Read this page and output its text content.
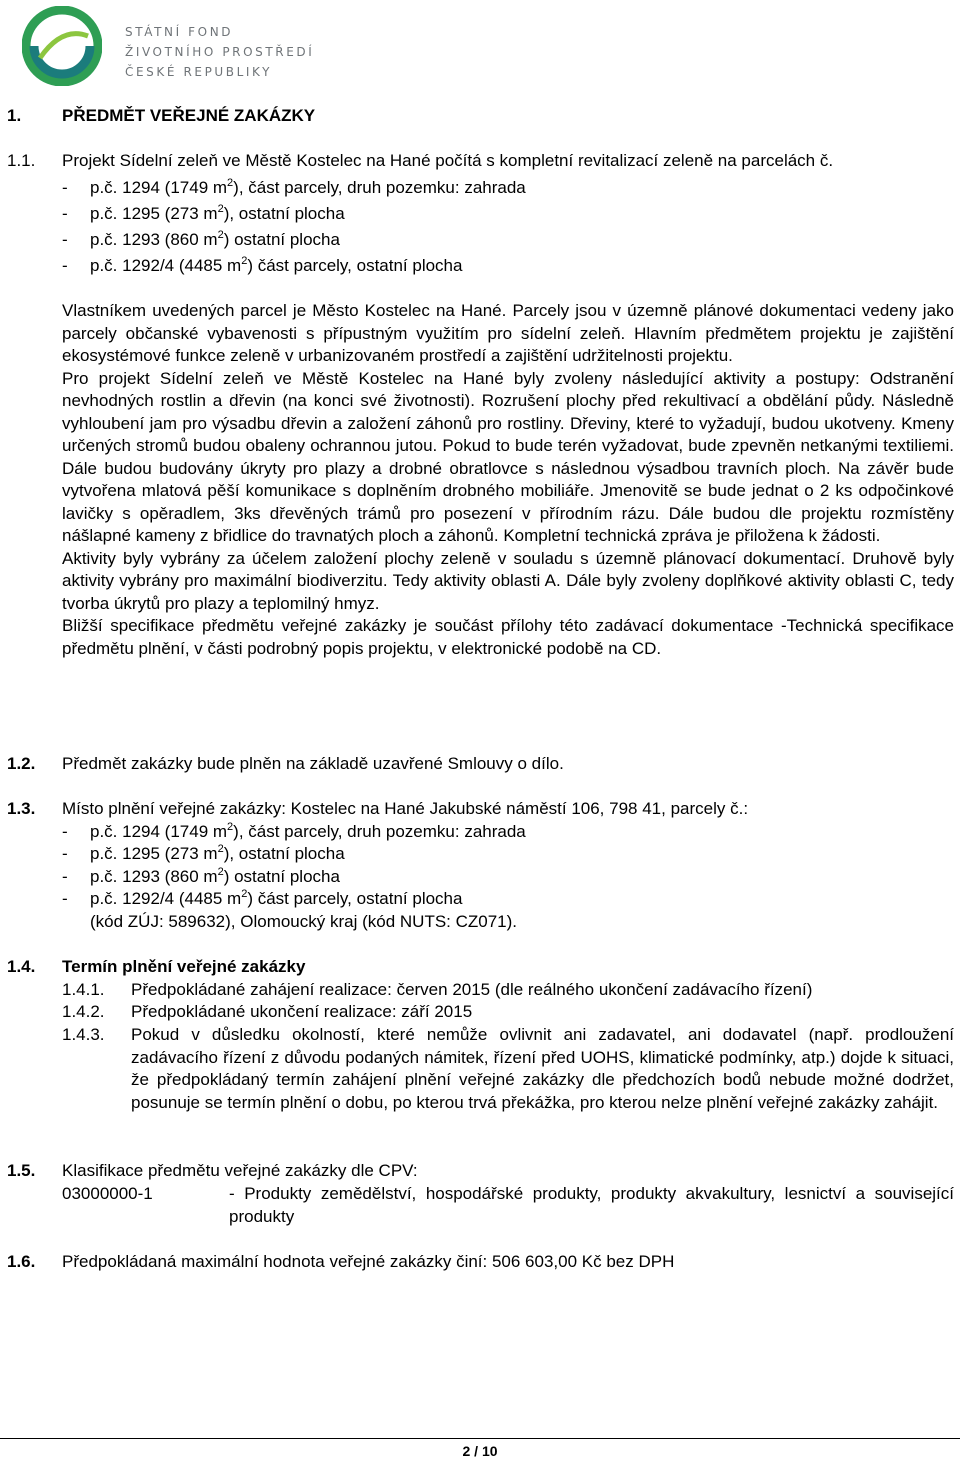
STÁTNÍ FOND
ŽIVOTNÍHO PROSTŘEDÍ
ČESKÉ REPUBLIKY
1. PŘEDMĚT VEŘEJNÉ ZAKÁZKY
1.1. Projekt Sídelní zeleň ve Městě Kostelec na Hané počítá s kompletní revitalizací zeleně na parcelách č.
- p.č. 1294 (1749 $m^2$), část parcely, druh pozemku: zahrada
- p.č. 1295 (273 $m^2$), ostatní plocha
- p.č. 1293 (860 $m^2$) ostatní plocha
- p.č. 1292/4 (4485 $m^2$) část parcely, ostatní plocha

Vlastníkem uvedených parcel je Město Kostelec na Hané. Parcely jsou v územně plánové dokumentaci vedeny jako parcely občanské vybavenosti s přípustným využitím pro sídelní zeleň. Hlavním předmětem projektu je zajištění ekosystémové funkce zeleně v urbanizovaném prostředí a zajištění udržitelnosti projektu.

Pro projekt Sídelní zeleň ve Městě Kostelec na Hané byly zvoleny následující aktivity a postupy: Odstranění nevhodných rostlin a dřevin (na konci své životnosti). Rozrušení plochy před rekultivací a obdělání půdy. Následně vyhloubení jam pro výsadbu dřevin a založení záhonů pro rostliny. Dřeviny, které to vyžadují, budou ukotveny. Kmeny určených stromů budou obaleny ochrannou jutou. Pokud to bude terén vyžadovat, bude zpevněn netkanými textiliemi. Dále budou budovány úkryty pro plazy a drobné obratlovce s následnou výsadbou travních ploch. Na závěr bude vytvořena mlatová pěší komunikace s doplněním drobného mobiliáře. Jmenovitě se bude jednat o 2 ks odpočinkové lavičky s opěradlem, 3ks dřevěných trámů pro posezení v přírodním rázu. Dále budou dle projektu rozmístěny nášlapné kameny z břidlice do travnatých ploch a záhonů. Kompletní technická zpráva je přiložena k žádosti.

Aktivity byly vybrány za účelem založení plochy zeleně v souladu s územně plánovací dokumentací. Druhově byly aktivity vybrány pro maximální biodiverzitu. Tedy aktivity oblasti A. Dále byly zvoleny doplňkové aktivity oblasti C, tedy tvorba úkrytů pro plazy a teplomilný hmyz.

Bližší specifikace předmětu veřejné zakázky je součást přílohy této zadávací dokumentace -Technická specifikace předmětu plnění, v části podrobný popis projektu, v elektronické podobě na CD.

1.2. Předmět zakázky bude plněn na základě uzavřené Smlouvy o dílo.
1.3. Místo plnění veřejné zakázky: Kostelec na Hané Jakubské náměstí 106, 798 41, parcely č.:
- p.č. 1294 (1749 $m^2$), část parcely, druh pozemku: zahrada
- p.č. 1295 (273 $m^2$), ostatní plocha
- p.č. 1293 (860 $m^2$) ostatní plocha
- p.č. 1292/4 (4485 $m^2$) část parcely, ostatní plocha
(kód ZÚJ: 589632), Olomoucký kraj (kód NUTS: CZ071).
1.4. Termín plnění veřejné zakázky
1.4.1. Předpokládané zahájení realizace: červen 2015 (dle reálného ukončení zadávacího řízení)
1.4.2. Předpokládané ukončení realizace: září 2015
1.4.3. Pokud v důsledku okolností, které nemůže ovlivnit ani zadavatel, ani dodavatel (např. prodloužení zadávacího řízení z důvodu podaných námitek, řízení před UOHS, klimatické podmínky, atp.) dojde k situaci, že předpokládaný termín zahájení plnění veřejné zakázky dle předchozích bodů nebude možné dodržet, posunuje se termín plnění o dobu, po kterou trvá překážka, pro kterou nelze plnění veřejné zakázky zahájit.
1.5. Klasifikace předmětu veřejné zakázky dle CPV:
03000000-1	- Produkty zemědělství, hospodářské produkty, produkty akvakultury, lesnictví a související produkty
1.6. Předpokládaná maximální hodnota veřejné zakázky činí: 506 603,00 Kč bez DPH
2 / 10
